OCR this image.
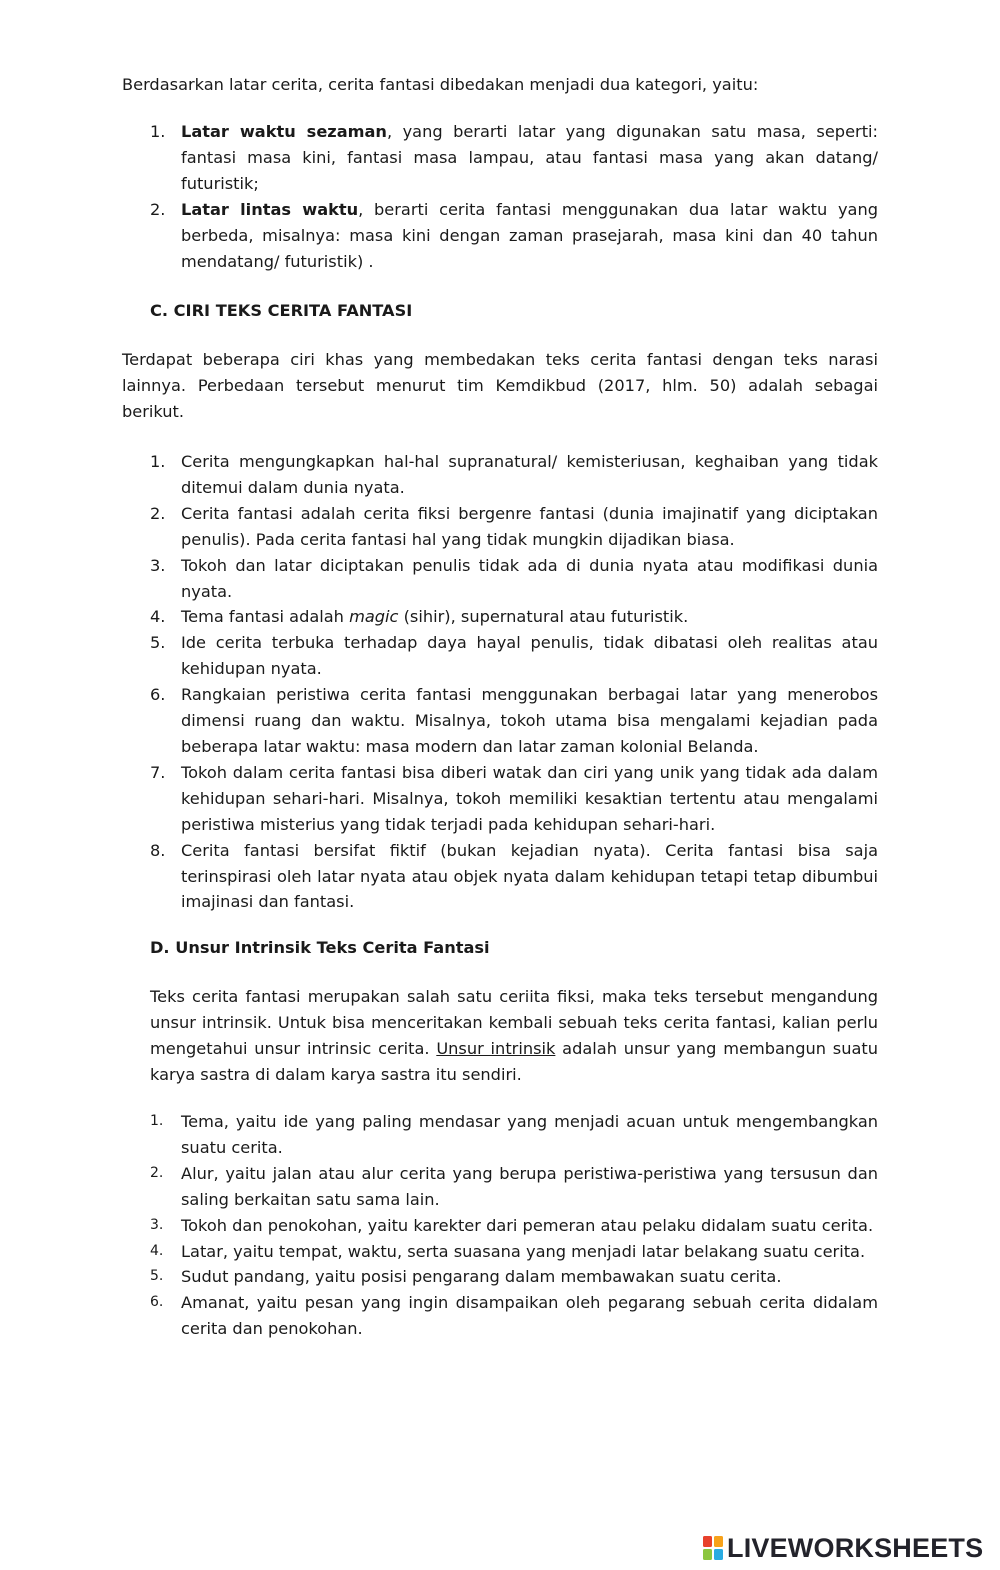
Berdasarkan latar cerita, cerita fantasi dibedakan menjadi dua kategori, yaitu:

1. Latar waktu sezaman, yang berarti latar yang digunakan satu masa, seperti: fantasi masa kini, fantasi masa lampau, atau fantasi masa yang akan datang/ futuristik;
2. Latar lintas waktu, berarti cerita fantasi menggunakan dua latar waktu yang berbeda, misalnya: masa kini dengan zaman prasejarah, masa kini dan 40 tahun mendatang/ futuristik) .

C. CIRI TEKS CERITA FANTASI

Terdapat beberapa ciri khas yang membedakan teks cerita fantasi dengan teks narasi lainnya. Perbedaan tersebut menurut tim Kemdikbud (2017, hlm. 50) adalah sebagai berikut.

1. Cerita mengungkapkan hal-hal supranatural/ kemisteriusan, keghaiban yang tidak ditemui dalam dunia nyata.
2. Cerita fantasi adalah cerita fiksi bergenre fantasi (dunia imajinatif yang diciptakan penulis). Pada cerita fantasi hal yang tidak mungkin dijadikan biasa.
3. Tokoh dan latar diciptakan penulis tidak ada di dunia nyata atau modifikasi dunia nyata.
4. Tema fantasi adalah magic (sihir), supernatural atau futuristik.
5. Ide cerita terbuka terhadap daya hayal penulis, tidak dibatasi oleh realitas atau kehidupan nyata.
6. Rangkaian peristiwa cerita fantasi menggunakan berbagai latar yang menerobos dimensi ruang dan waktu. Misalnya, tokoh utama bisa mengalami kejadian pada beberapa latar waktu: masa modern dan latar zaman kolonial Belanda.
7. Tokoh dalam cerita fantasi bisa diberi watak dan ciri yang unik yang tidak ada dalam kehidupan sehari-hari. Misalnya, tokoh memiliki kesaktian tertentu atau mengalami peristiwa misterius yang tidak terjadi pada kehidupan sehari-hari.
8. Cerita fantasi bersifat fiktif (bukan kejadian nyata). Cerita fantasi bisa saja terinspirasi oleh latar nyata atau objek nyata dalam kehidupan tetapi tetap dibumbui imajinasi dan fantasi.

D. Unsur Intrinsik Teks Cerita Fantasi

Teks cerita fantasi merupakan salah satu ceriita fiksi, maka teks tersebut mengandung unsur intrinsik. Untuk bisa menceritakan kembali sebuah teks cerita fantasi, kalian perlu mengetahui unsur intrinsic cerita. Unsur intrinsik adalah unsur yang membangun suatu karya sastra di dalam karya sastra itu sendiri.

1. Tema, yaitu ide yang paling mendasar yang menjadi acuan untuk mengembangkan suatu cerita.
2. Alur, yaitu jalan atau alur cerita yang berupa peristiwa-peristiwa yang tersusun dan saling berkaitan satu sama lain.
3. Tokoh dan penokohan, yaitu karekter dari pemeran atau pelaku didalam suatu cerita.
4. Latar, yaitu tempat, waktu, serta suasana yang menjadi latar belakang suatu cerita.
5. Sudut pandang, yaitu posisi pengarang dalam membawakan suatu cerita.
6. Amanat, yaitu pesan yang ingin disampaikan oleh pegarang sebuah cerita didalam cerita dan penokohan.
LIVEWORKSHEETS
